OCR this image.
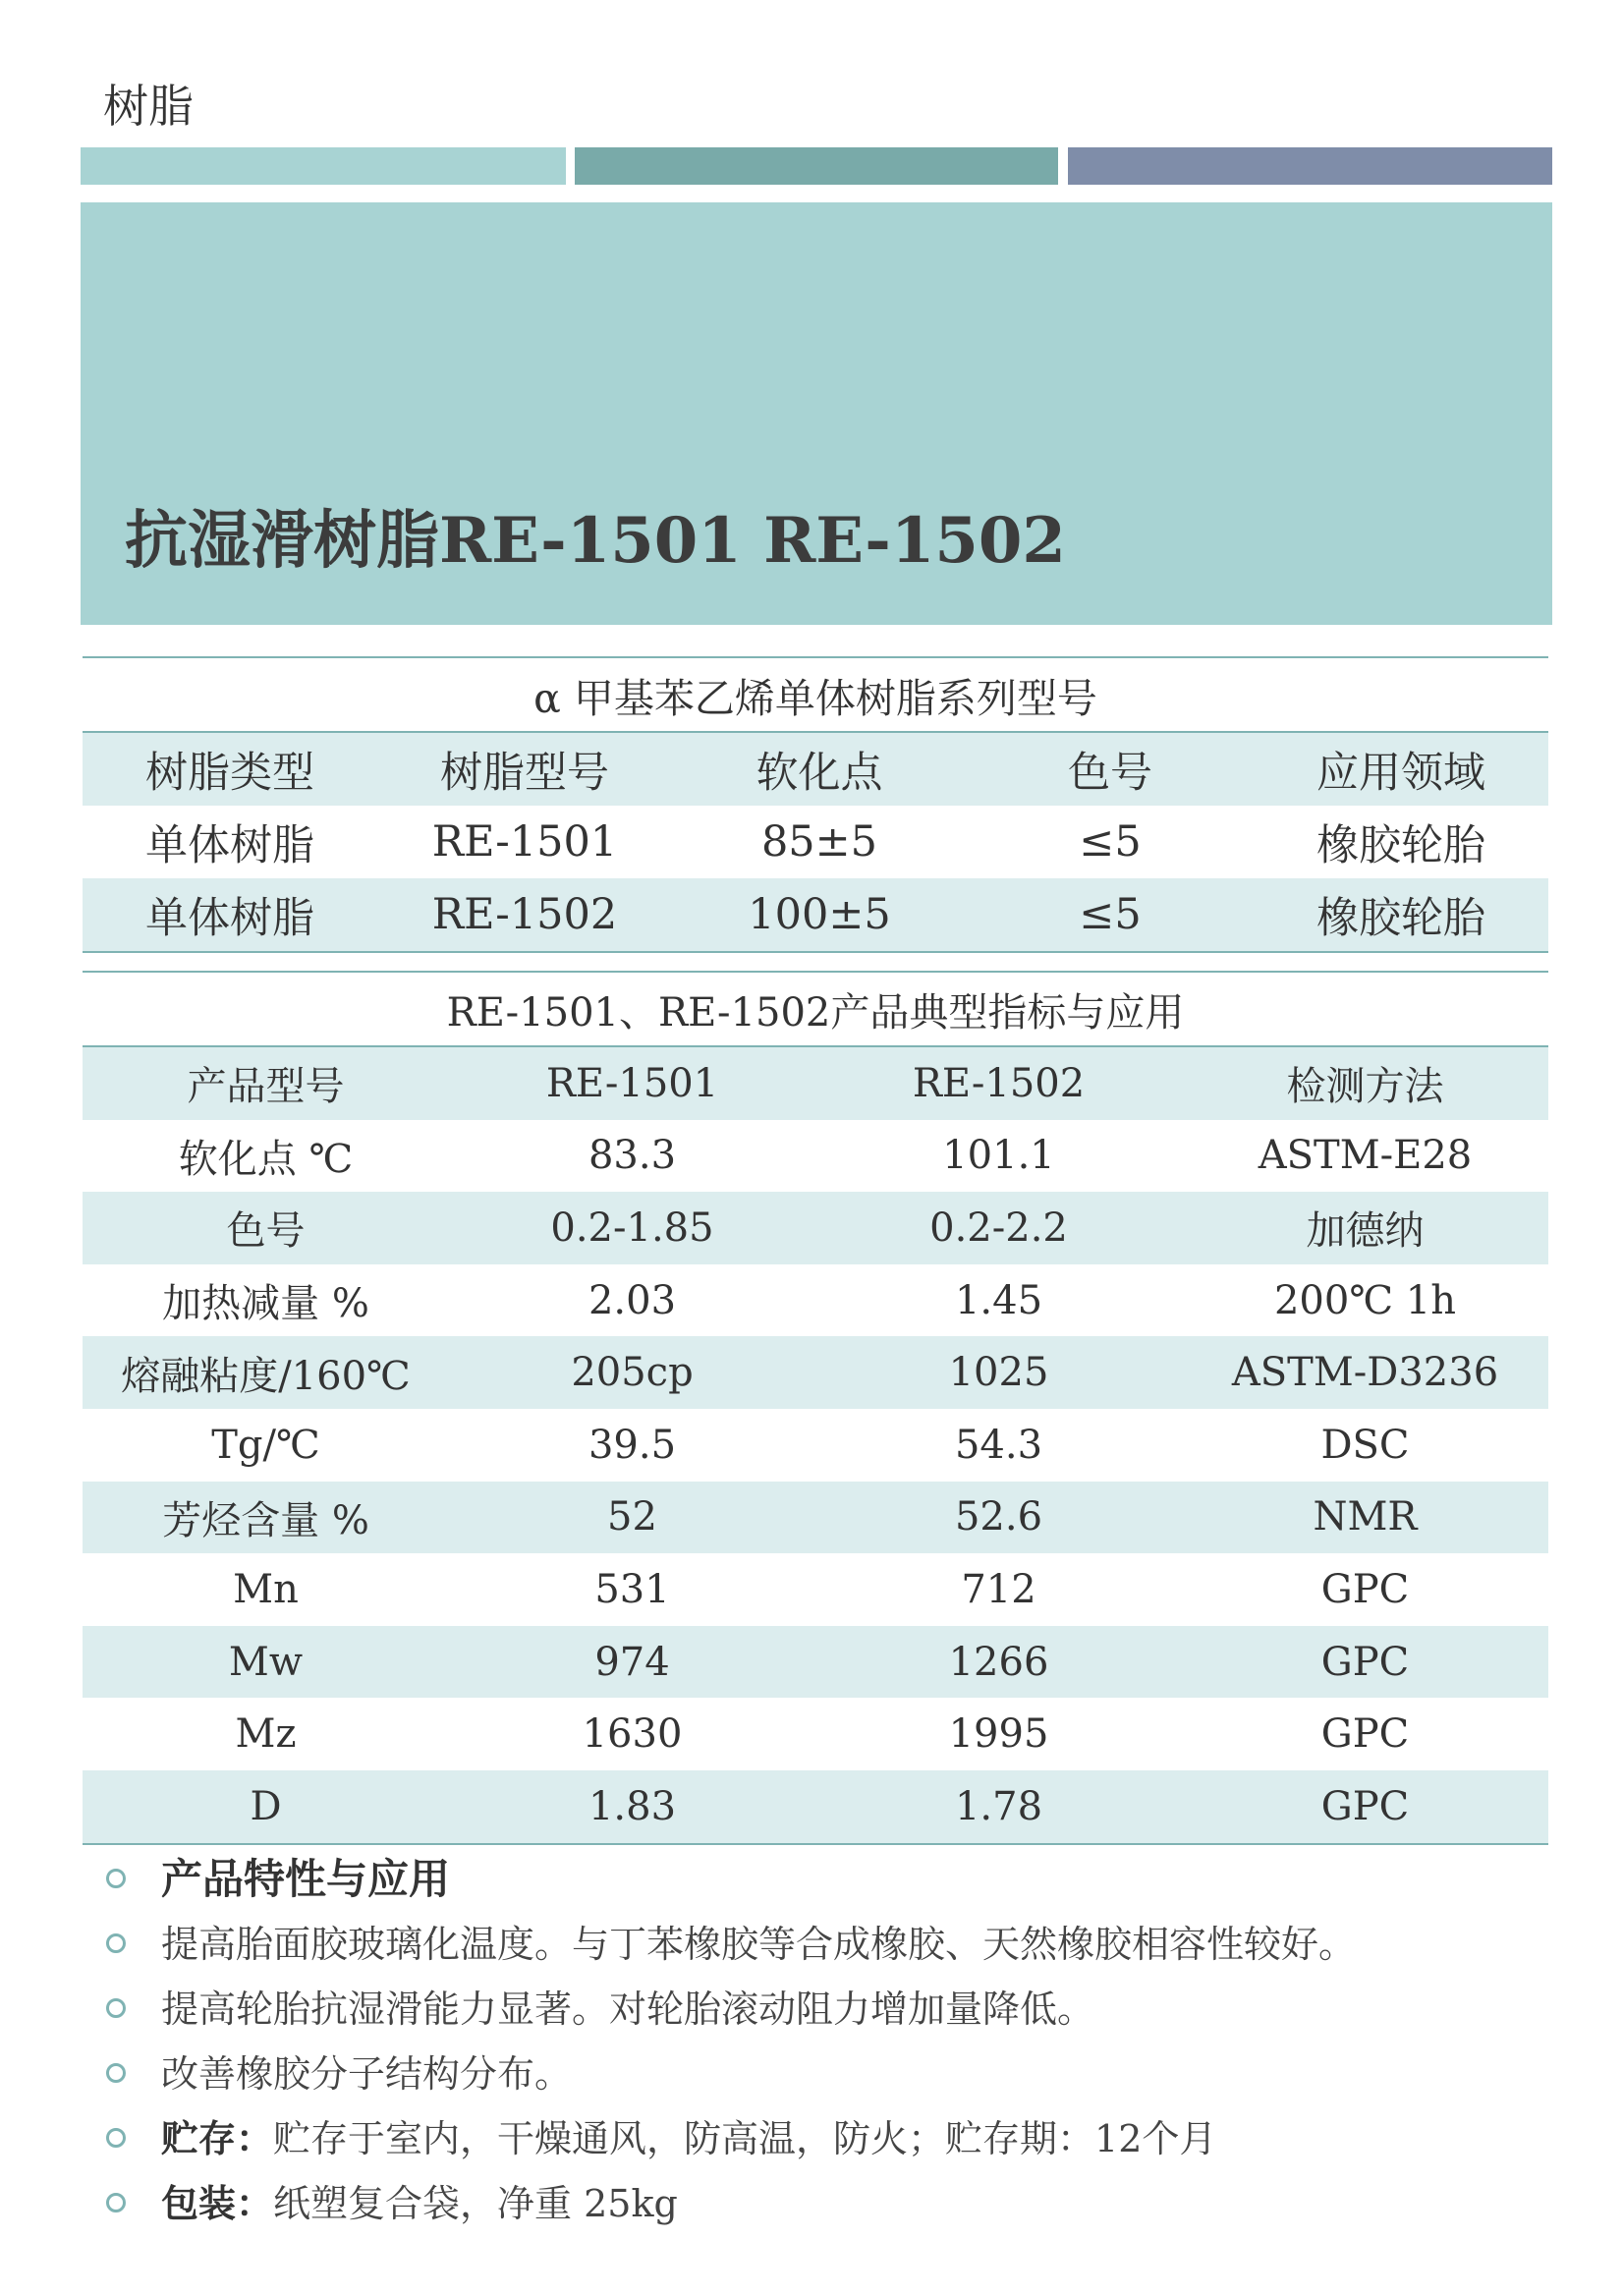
树脂
抗湿滑树脂RE-1501 RE-1502
α 甲基苯乙烯单体树脂系列型号				
树脂类型	树脂型号	软化点	色号	应用领域
单体树脂	RE-1501	85±5	≤5	橡胶轮胎
单体树脂	RE-1502	100±5	≤5	橡胶轮胎
RE-1501、RE-1502产品典型指标与应用			
产品型号	RE-1501	RE-1502	检测方法
软化点 ℃	83.3	101.1	ASTM-E28
色号	0.2-1.85	0.2-2.2	加德纳
加热减量 %	2.03	1.45	200℃ 1h
熔融粘度/160℃	205cp	1025	ASTM-D3236
Tg/℃	39.5	54.3	DSC
芳烃含量 %	52	52.6	NMR
Mn	531	712	GPC
Mw	974	1266	GPC
Mz	1630	1995	GPC
D	1.83	1.78	GPC
产品特性与应用
提高胎面胶玻璃化温度。与丁苯橡胶等合成橡胶、天然橡胶相容性较好。
提高轮胎抗湿滑能力显著。对轮胎滚动阻力增加量降低。
改善橡胶分子结构分布。
贮存：贮存于室内，干燥通风，防高温，防火；贮存期：12个月
包装：纸塑复合袋，净重 25kg
